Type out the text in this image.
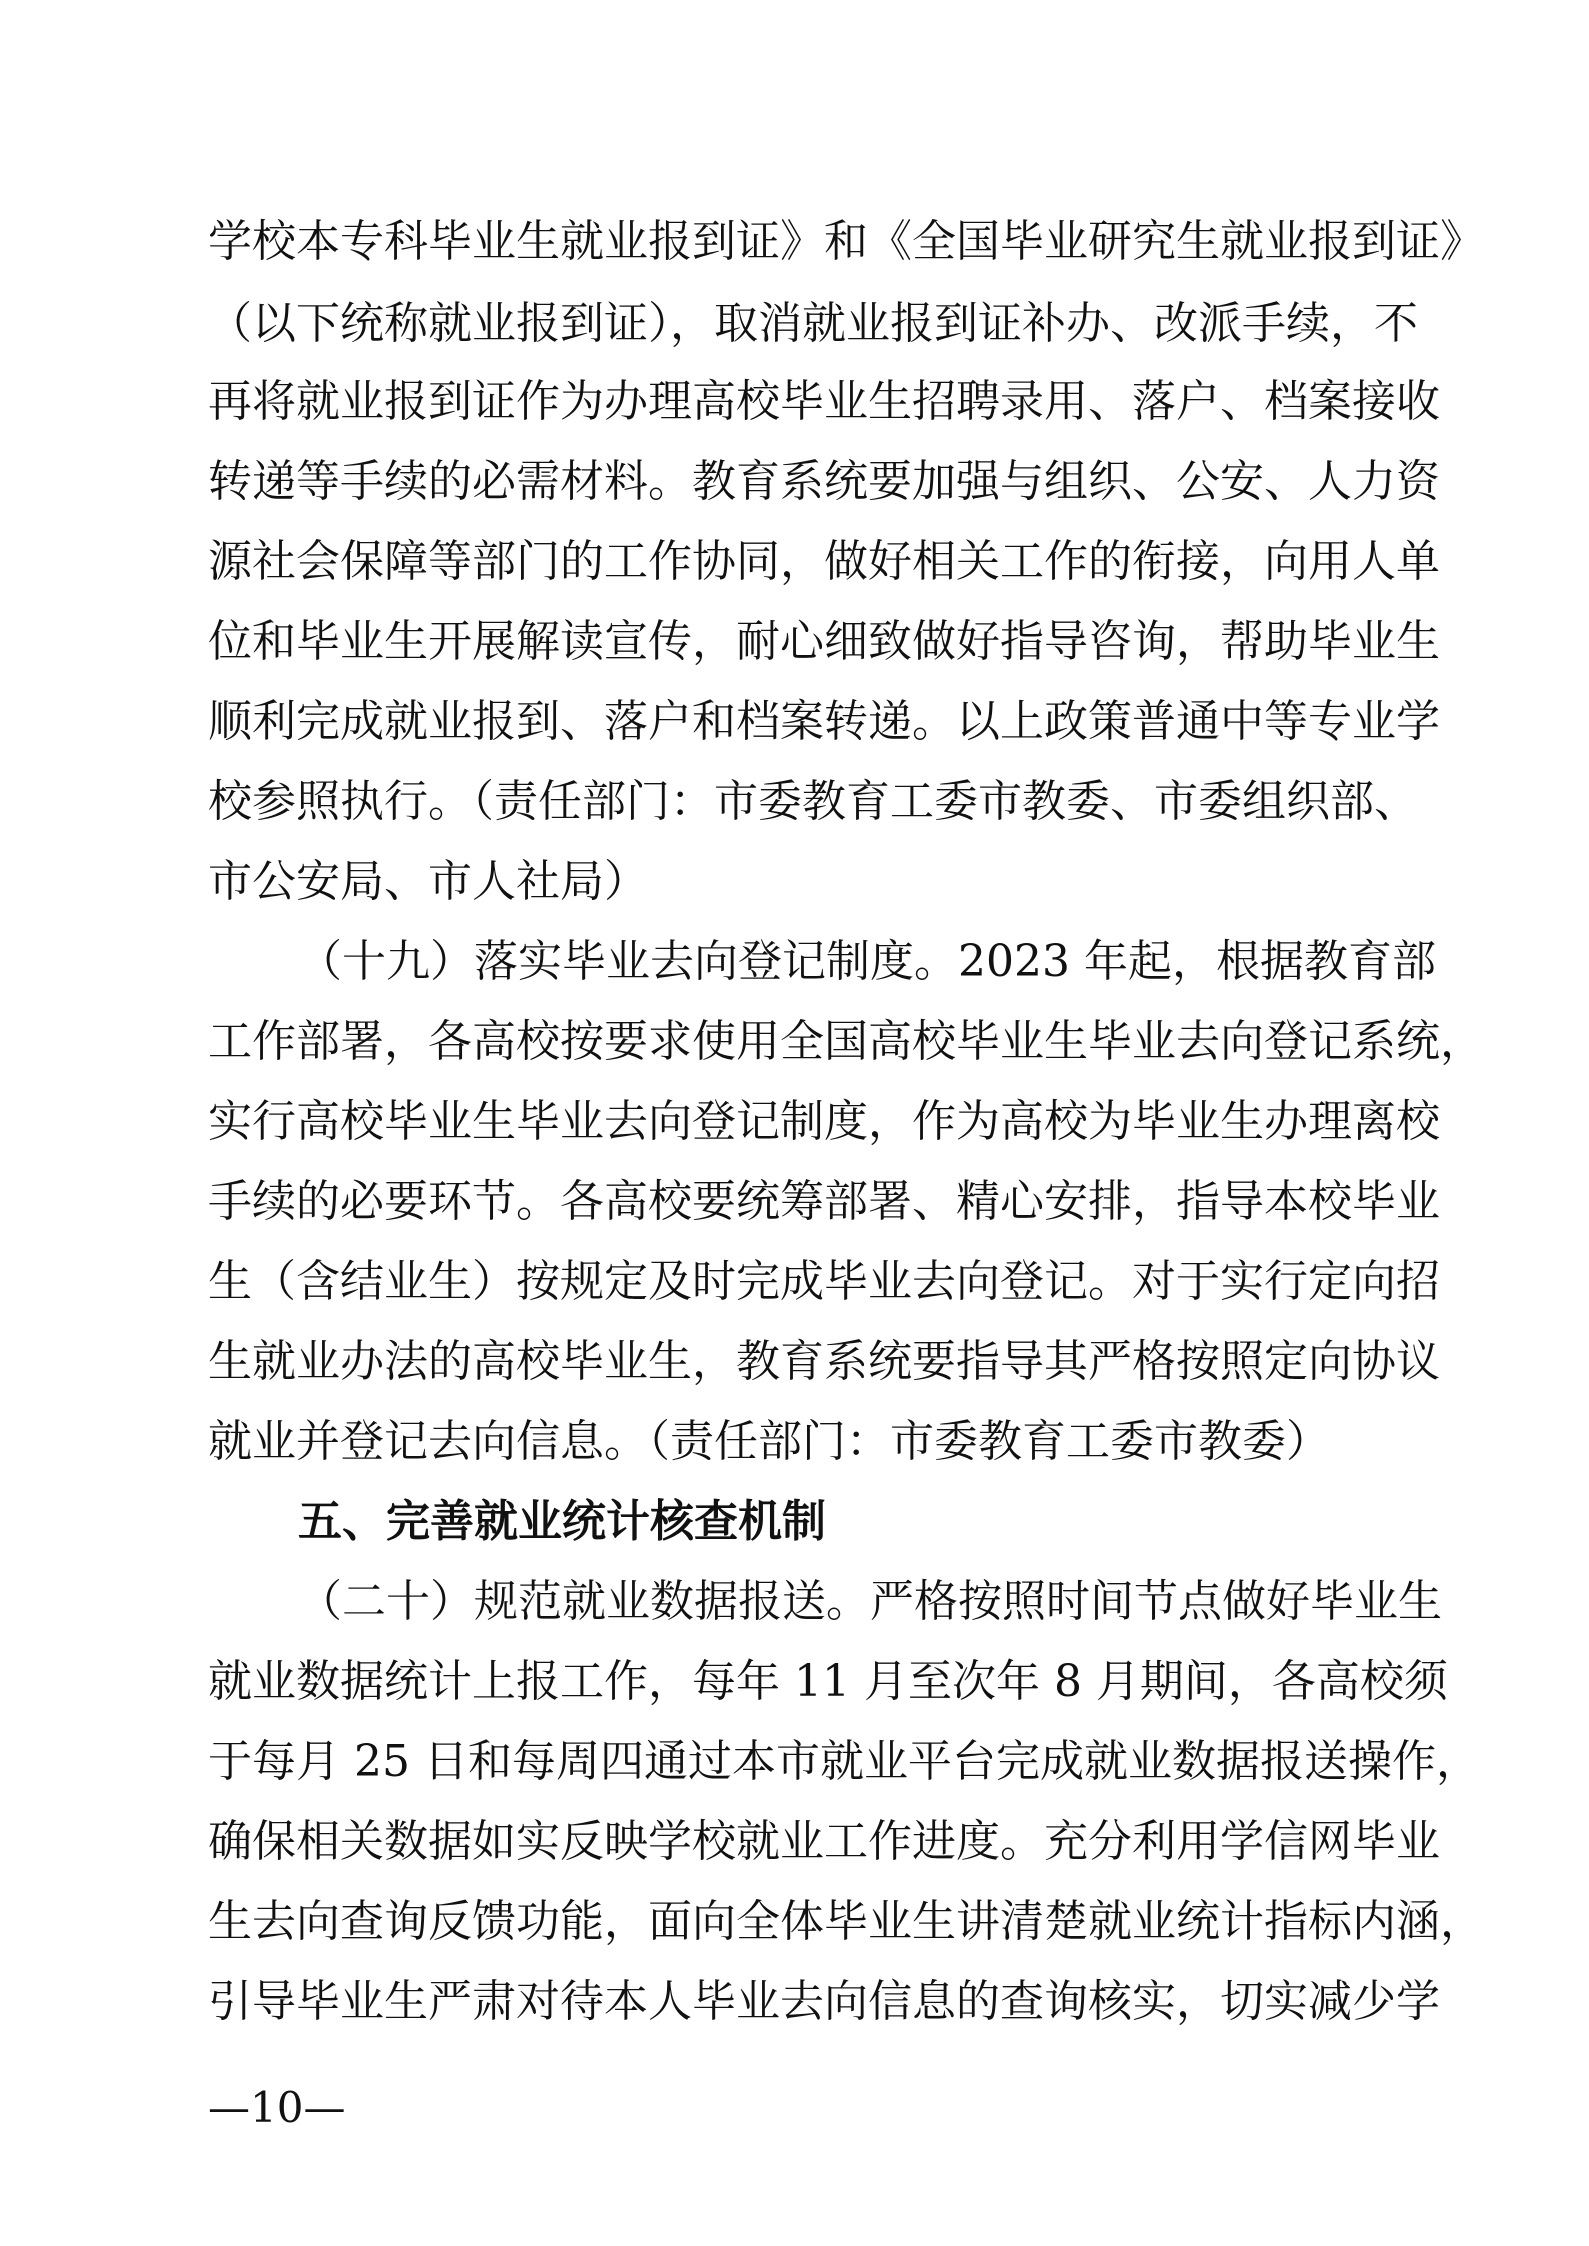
学校本专科毕业生就业报到证》和《全国毕业研究生就业报到证》
（以下统称就业报到证），取消就业报到证补办、改派手续，不
再将就业报到证作为办理高校毕业生招聘录用、落户、档案接收
转递等手续的必需材料。教育系统要加强与组织、公安、人力资
源社会保障等部门的工作协同，做好相关工作的衔接，向用人单
位和毕业生开展解读宣传，耐心细致做好指导咨询，帮助毕业生
顺利完成就业报到、落户和档案转递。以上政策普通中等专业学
校参照执行。（责任部门：市委教育工委市教委、市委组织部、
市公安局、市人社局）
（十九）落实毕业去向登记制度。2023 年起，根据教育部
工作部署，各高校按要求使用全国高校毕业生毕业去向登记系统，
实行高校毕业生毕业去向登记制度，作为高校为毕业生办理离校
手续的必要环节。各高校要统筹部署、精心安排，指导本校毕业
生（含结业生）按规定及时完成毕业去向登记。对于实行定向招
生就业办法的高校毕业生，教育系统要指导其严格按照定向协议
就业并登记去向信息。（责任部门：市委教育工委市教委）
五、完善就业统计核查机制
（二十）规范就业数据报送。严格按照时间节点做好毕业生
就业数据统计上报工作，每年 11 月至次年 8 月期间，各高校须
于每月 25 日和每周四通过本市就业平台完成就业数据报送操作，
确保相关数据如实反映学校就业工作进度。充分利用学信网毕业
生去向查询反馈功能，面向全体毕业生讲清楚就业统计指标内涵，
引导毕业生严肃对待本人毕业去向信息的查询核实，切实减少学
—10—
